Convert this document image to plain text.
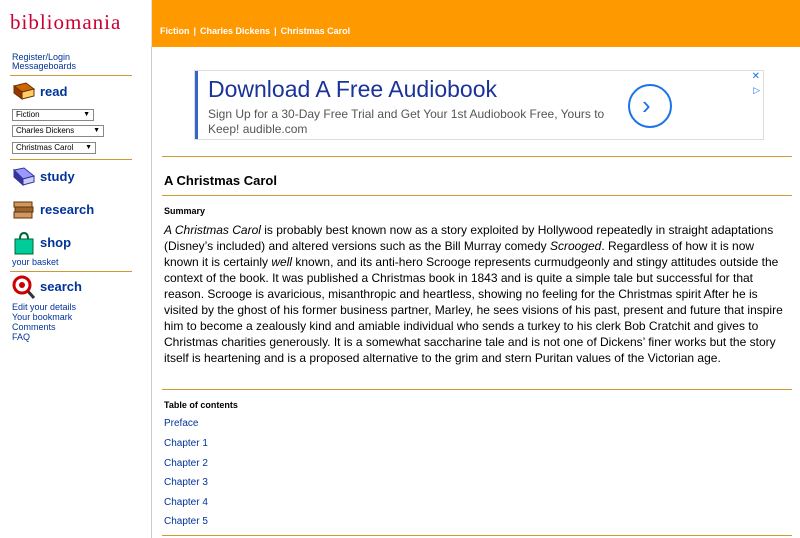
bibliomania	Fiction | Charles Dickens | Christmas Carol
Register/Login
Messageboards
read
Fiction	▼
Charles Dickens	▼
Christmas Carol ▼
study
research
shop
your basket
search
Edit your details
Your bookmark
Comments
FAQ
Download A Free Audiobook
Sign Up for a 30-Day Free Trial and Get Your 1st Audiobook Free, Yours to Keep! audible.com
›
✕
▷
A Christmas Carol
Summary
A Christmas Carol is probably best known now as a story exploited by Hollywood repeatedly in straight adaptations (Disney’s included) and altered versions such as the Bill Murray comedy Scrooged. Regardless of how it is now known it is certainly well known, and its anti-hero Scrooge represents curmudgeonly and stingy attitudes outside the context of the book. It was published a Christmas book in 1843 and is quite a simple tale but successful for that reason. Scrooge is avaricious, misanthropic and heartless, showing no feeling for the Christmas spirit After he is visited by the ghost of his former business partner, Marley, he sees visions of his past, present and future that inspire him to become a zealously kind and amiable individual who sends a turkey to his clerk Bob Cratchit and gives to Christmas charities generously. It is a somewhat saccharine tale and is not one of Dickens’ finer works but the story itself is heartening and is a proposed alternative to the grim and stern Puritan values of the Victorian age.
Table of contents
Preface
Chapter 1
Chapter 2
Chapter 3
Chapter 4
Chapter 5
